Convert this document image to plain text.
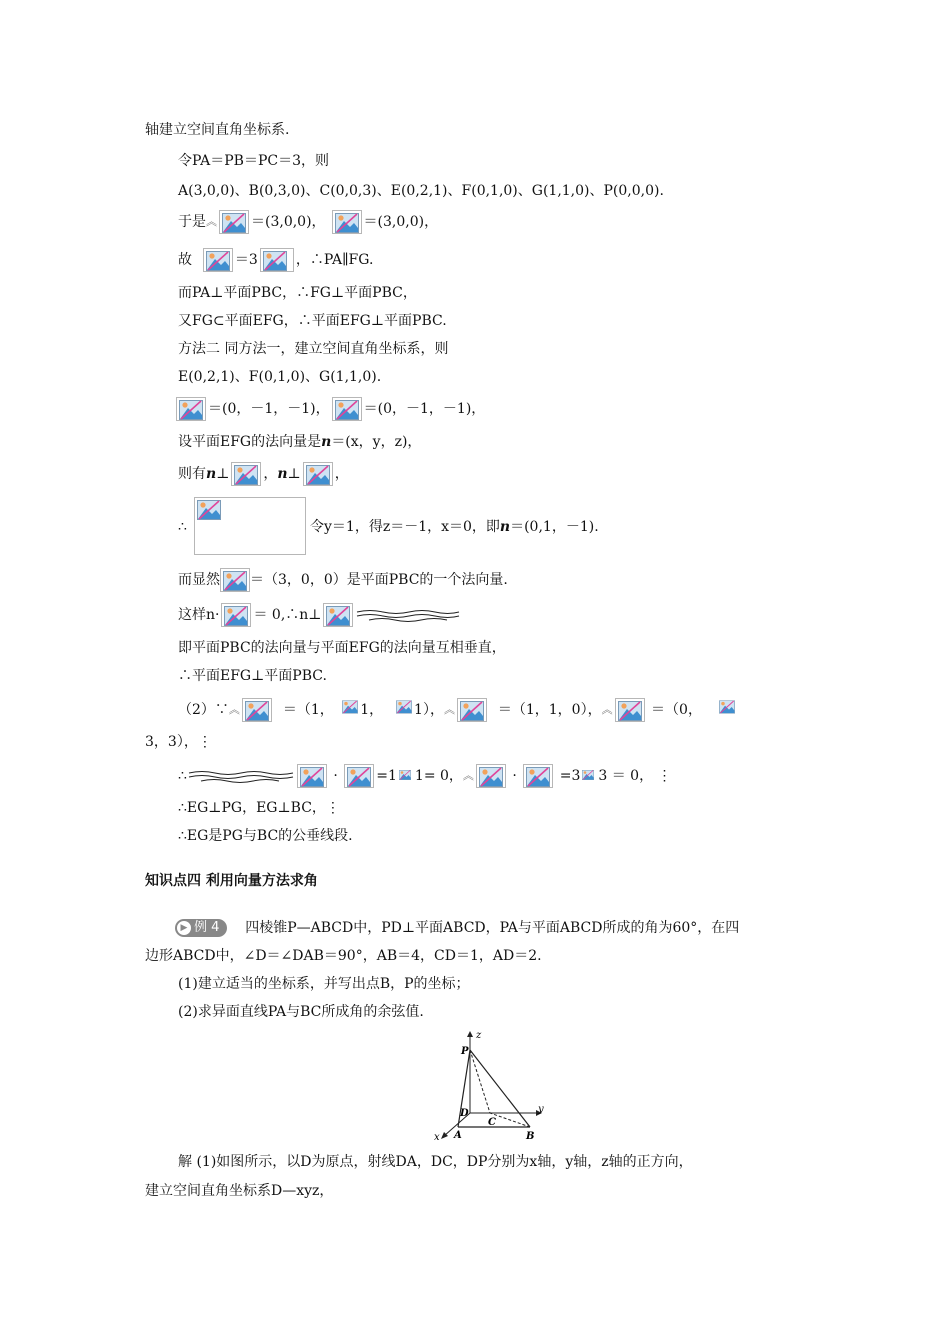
轴建立空间直角坐标系.
令PA＝PB＝PC＝3，则
A(3,0,0)、B(0,3,0)、C(0,0,3)、E(0,2,1)、F(0,1,0)、G(1,1,0)、P(0,0,0).
于是︽ ＝(3,0,0)，	＝(3,0,0)，
故	＝3	，∴PA∥FG.
而PA⊥平面PBC，∴FG⊥平面PBC，
又FG⊂平面EFG，∴平面EFG⊥平面PBC.
方法二 同方法一，建立空间直角坐标系，则
E(0,2,1)、F(0,1,0)、G(1,1,0).
＝(0，－1，－1)， ＝(0，－1，－1)，
设平面EFG的法向量是n＝(x，y，z)，
则有n⊥ ，n⊥ ，
∴	令y＝1，得z＝－1，x＝0，即n＝(0,1，－1).
而显然 ＝（3，0，0）是平面PBC的一个法向量.
这样n· ＝ 0,∴n⊥
即平面PBC的法向量与平面EFG的法向量互相垂直，
∴平面EFG⊥平面PBC.
（2）∵︽	＝（1， 1， 1），︽	＝（1，1，0），︽	＝（0，
3，3），⋮
∴	·	=1 1= 0，︽	·	=3 3 ＝ 0， ⋮
∴EG⊥PG，EG⊥BC，⋮
∴EG是PG与BC的公垂线段.
知识点四 利用向量方法求角
▶ 例 4 四棱锥P—ABCD中，PD⊥平面ABCD，PA与平面ABCD所成的角为60°，在四
边形ABCD中，∠D＝∠DAB＝90°，AB＝4，CD＝1，AD＝2.
(1)建立适当的坐标系，并写出点B，P的坐标；
(2)求异面直线PA与BC所成角的余弦值.
z
P
D	y
C
x A	B
解 (1)如图所示，以D为原点，射线DA，DC，DP分别为x轴，y轴，z轴的正方向，
建立空间直角坐标系D—xyz，
